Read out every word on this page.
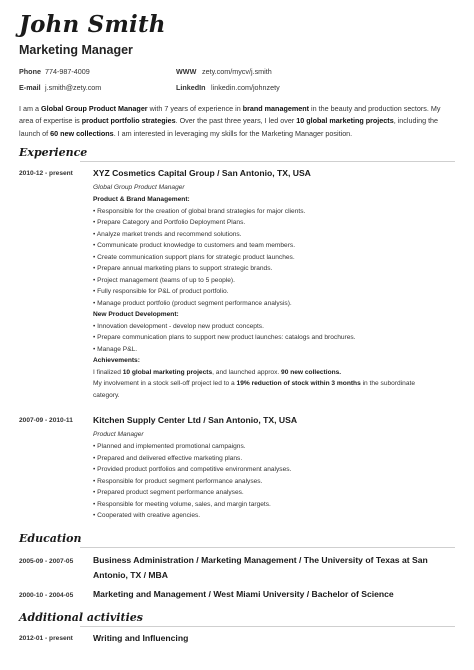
John Smith
Marketing Manager
Phone 774-987-4009
E-mail j.smith@zety.com
WWW zety.com/mycv/j.smith
LinkedIn linkedin.com/johnzety
I am a Global Group Product Manager with 7 years of experience in brand management in the beauty and production sectors. My area of expertise is product portfolio strategies. Over the past three years, I led over 10 global marketing projects, including the launch of 60 new collections. I am interested in leveraging my skills for the Marketing Manager position.
Experience
2010-12 - present XYZ Cosmetics Capital Group / San Antonio, TX, USA
Global Group Product Manager
Product & Brand Management:
• Responsible for the creation of global brand strategies for major clients.
• Prepare Category and Portfolio Deployment Plans.
• Analyze market trends and recommend solutions.
• Communicate product knowledge to customers and team members.
• Create communication support plans for strategic product launches.
• Prepare annual marketing plans to support strategic brands.
• Project management (teams of up to 5 people).
• Fully responsible for P&L of product portfolio.
• Manage product portfolio (product segment performance analysis).
New Product Development:
• Innovation development - develop new product concepts.
• Prepare communication plans to support new product launches: catalogs and brochures.
• Manage P&L.
Achievements:
I finalized 10 global marketing projects, and launched approx. 90 new collections.
My involvement in a stock sell-off project led to a 19% reduction of stock within 3 months in the subordinate
category.
2007-09 - 2010-11 Kitchen Supply Center Ltd / San Antonio, TX, USA
Product Manager
• Planned and implemented promotional campaigns.
• Prepared and delivered effective marketing plans.
• Provided product portfolios and competitive environment analyses.
• Responsible for product segment performance analyses.
• Prepared product segment performance analyses.
• Responsible for meeting volume, sales, and margin targets.
• Cooperated with creative agencies.
Education
2005-09 - 2007-05 Business Administration / Marketing Management / The University of Texas at San Antonio, TX / MBA
2000-10 - 2004-05 Marketing and Management / West Miami University / Bachelor of Science
Additional activities
2012-01 - present Writing and Influencing
